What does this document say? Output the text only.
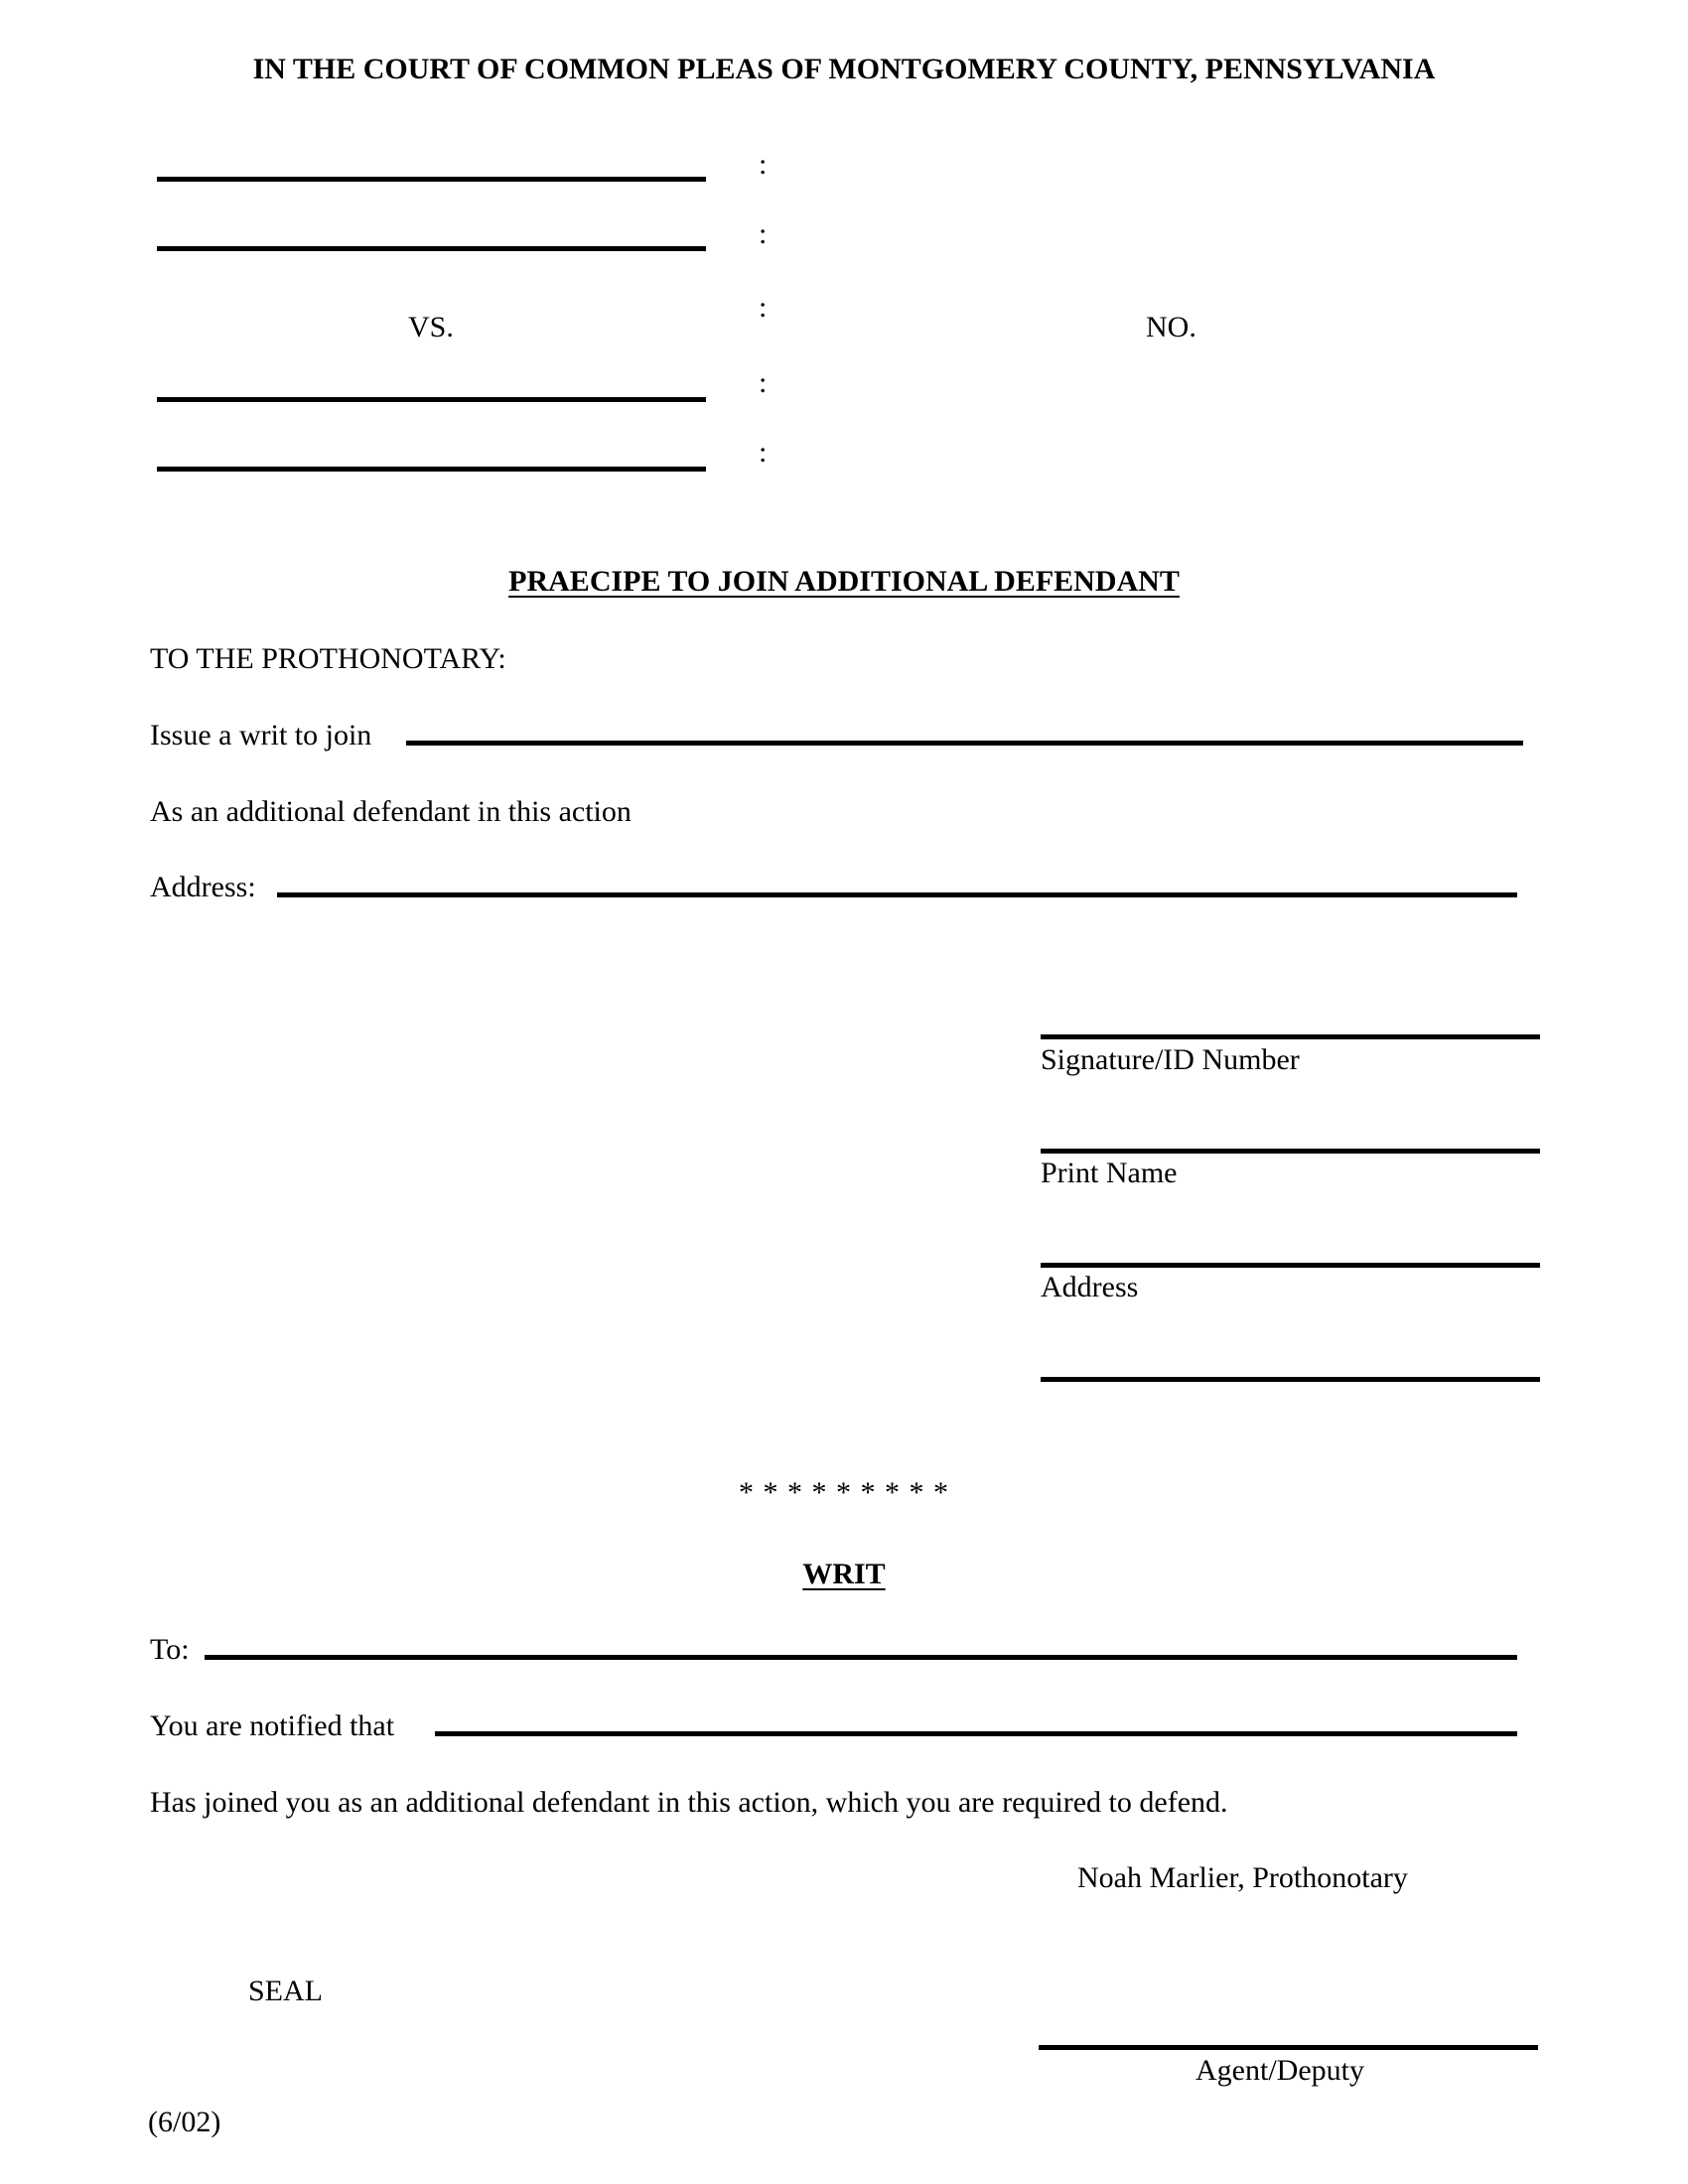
IN THE COURT OF COMMON PLEAS OF MONTGOMERY COUNTY, PENNSYLVANIA
VS.
:
:
:
:
:
NO.
PRAECIPE TO JOIN ADDITIONAL DEFENDANT
TO THE PROTHONOTARY:
Issue a writ to join
As an additional defendant in this action
Address:
Signature/ID Number
Print Name
Address
* * * * * * * * *
WRIT
To:
You are notified that
Has joined you as an additional defendant in this action, which you are required to defend.
Noah Marlier, Prothonotary
SEAL
Agent/Deputy
(6/02)
